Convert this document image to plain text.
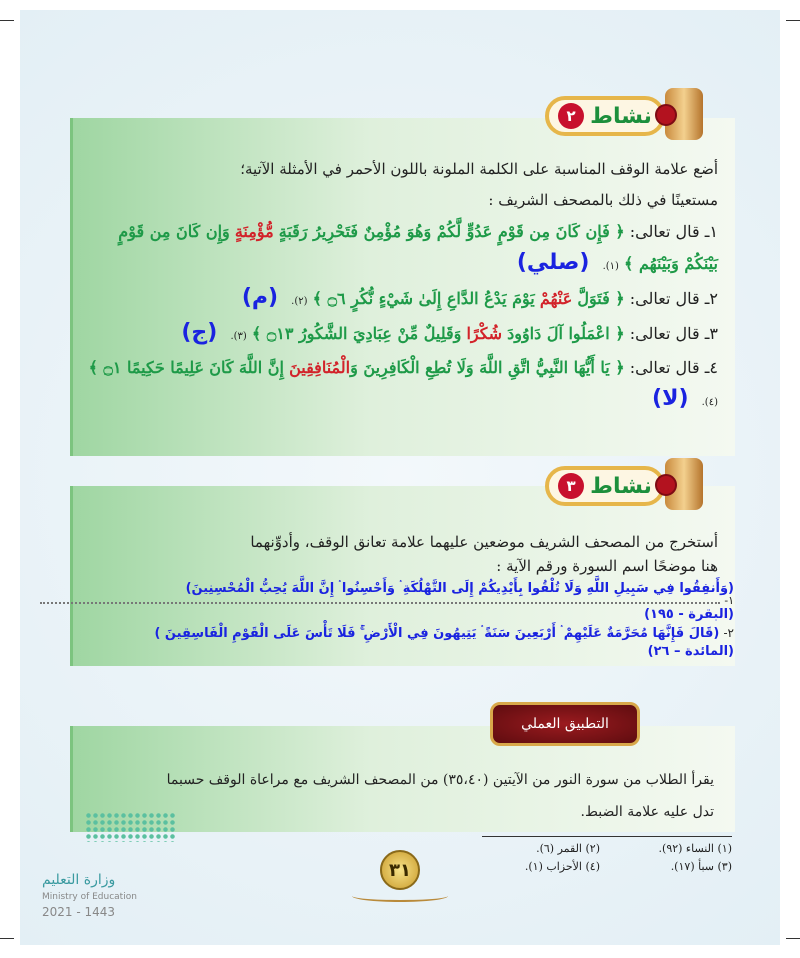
أضع علامة الوقف المناسبة على الكلمة الملونة باللون الأحمر في الأمثلة الآتية؛
مستعينًا في ذلك بالمصحف الشريف :
١ـ قال تعالى: ﴿ فَإِن كَانَ مِن قَوْمٍ عَدُوٍّ لَّكُمْ وَهُوَ مُؤْمِنٌ فَتَحْرِيرُ رَقَبَةٍ مُّؤْمِنَةٍ وَإِن كَانَ مِن قَوْمٍ بَيْنَكُمْ وَبَيْنَهُم ﴾ (١). (صلي)
٢ـ قال تعالى: ﴿ فَتَوَلَّ عَنْهُمْ يَوْمَ يَدْعُ الدَّاعِ إِلَىٰ شَيْءٍ نُّكُرٍ ۝٦ ﴾ (٢). (م)
٣ـ قال تعالى: ﴿ اعْمَلُوا آلَ دَاوُودَ شُكْرًا وَقَلِيلٌ مِّنْ عِبَادِيَ الشَّكُورُ ۝١٣ ﴾ (٣). (ج)
٤ـ قال تعالى: ﴿ يَا أَيُّهَا النَّبِيُّ اتَّقِ اللَّهَ وَلَا تُطِعِ الْكَافِرِينَ وَالْمُنَافِقِينَ إِنَّ اللَّهَ كَانَ عَلِيمًا حَكِيمًا ۝١ ﴾ (٤). (لا)
نشاط
٢
أستخرج من المصحف الشريف موضعين عليهما علامة تعانق الوقف، وأدوِّنهما
هنا موضحًا اسم السورة ورقم الآية :
(وَأَنفِقُوا فِي سَبِيلِ اللَّهِ وَلَا تُلْقُوا بِأَيْدِيكُمْ إِلَى التَّهْلُكَةِ ۛ وَأَحْسِنُوا ۛ إِنَّ اللَّهَ يُحِبُّ الْمُحْسِنِينَ)
١-
(البقرة - ١٩٥)
٢- (قَالَ فَإِنَّهَا مُحَرَّمَةٌ عَلَيْهِمْ ۛ أَرْبَعِينَ سَنَةً ۛ يَتِيهُونَ فِي الْأَرْضِ ۚ فَلَا تَأْسَ عَلَى الْقَوْمِ الْفَاسِقِينَ )
(المائدة – ٢٦)
نشاط
٣
يقرأ الطلاب من سورة النور من الآيتين (٣٥،٤٠) من المصحف الشريف مع مراعاة الوقف حسبما
تدل عليه علامة الضبط.
التطبيق العملي
(١) النساء (٩٢).
(٢) القمر (٦).
(٣) سبأ (١٧).
(٤) الأحزاب (١).
٣١
وزارة التعليم
Ministry of Education
2021 - 1443
